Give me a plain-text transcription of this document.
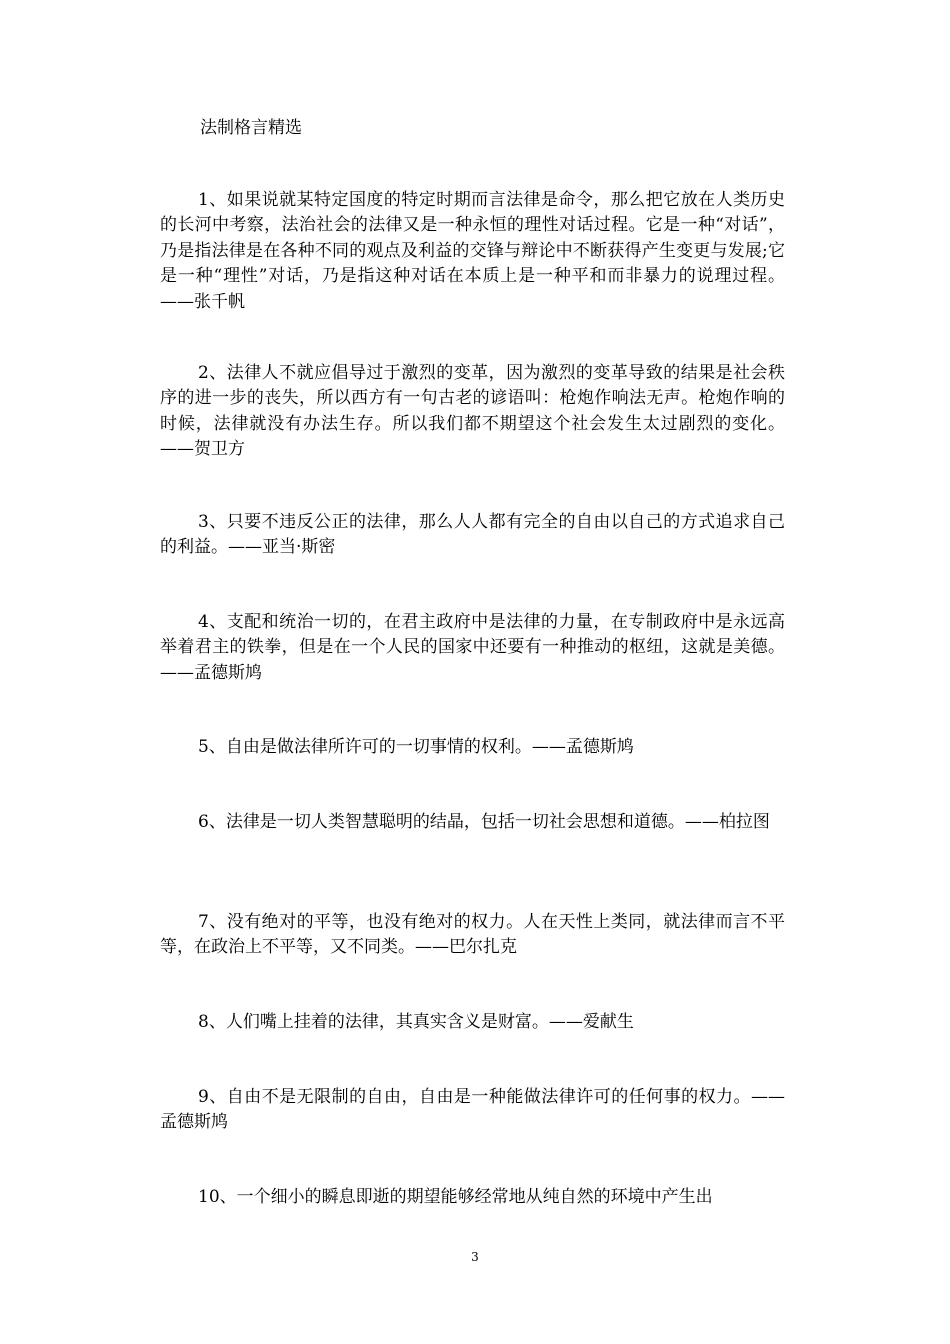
法制格言精选

1、如果说就某特定国度的特定时期而言法律是命令，那么把它放在人类历史的长河中考察，法治社会的法律又是一种永恒的理性对话过程。它是一种“对话”，乃是指法律是在各种不同的观点及利益的交锋与辩论中不断获得产生变更与发展;它是一种“理性”对话，乃是指这种对话在本质上是一种平和而非暴力的说理过程。——张千帆

2、法律人不就应倡导过于激烈的变革，因为激烈的变革导致的结果是社会秩序的进一步的丧失，所以西方有一句古老的谚语叫：枪炮作响法无声。枪炮作响的时候，法律就没有办法生存。所以我们都不期望这个社会发生太过剧烈的变化。——贺卫方

3、只要不违反公正的法律，那么人人都有完全的自由以自己的方式追求自己的利益。——亚当·斯密

4、支配和统治一切的，在君主政府中是法律的力量，在专制政府中是永远高举着君主的铁拳，但是在一个人民的国家中还要有一种推动的枢纽，这就是美德。——孟德斯鸠

5、自由是做法律所许可的一切事情的权利。——孟德斯鸠

6、法律是一切人类智慧聪明的结晶，包括一切社会思想和道德。——柏拉图

7、没有绝对的平等，也没有绝对的权力。人在天性上类同，就法律而言不平等，在政治上不平等，又不同类。——巴尔扎克

8、人们嘴上挂着的法律，其真实含义是财富。——爱献生

9、自由不是无限制的自由，自由是一种能做法律许可的任何事的权力。——孟德斯鸠

10、一个细小的瞬息即逝的期望能够经常地从纯自然的环境中产生出

3
